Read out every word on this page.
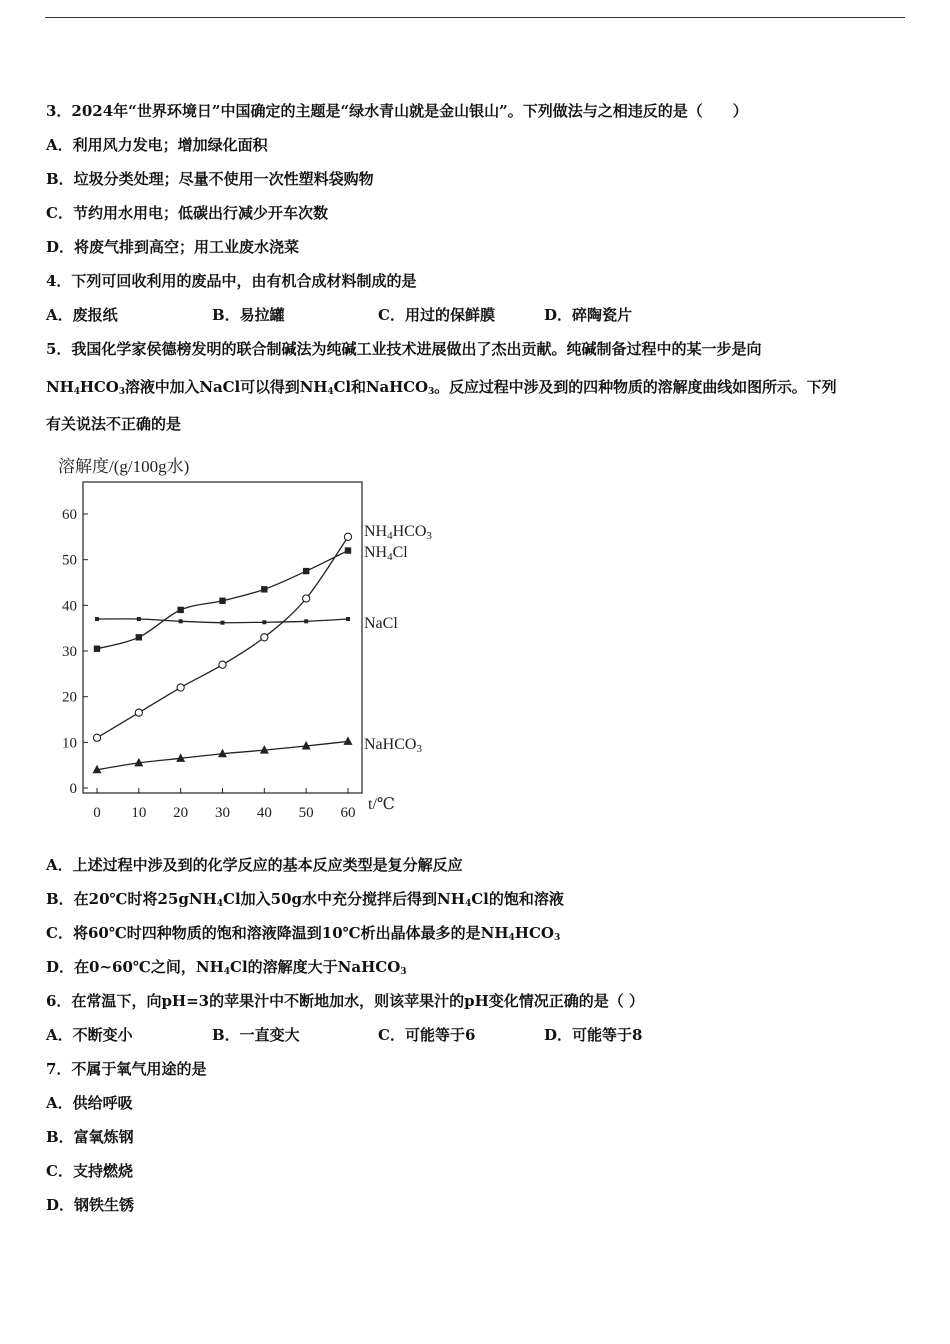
3．2024年“世界环境日”中国确定的主题是“绿水青山就是金山银山”。下列做法与之相违反的是（　　）
A．利用风力发电；增加绿化面积
B．垃圾分类处理；尽量不使用一次性塑料袋购物
C．节约用水用电；低碳出行减少开车次数
D．将废气排到高空；用工业废水浇菜
4．下列可回收利用的废品中，由有机合成材料制成的是
A．废报纸	B．易拉罐	C．用过的保鲜膜	D．碎陶瓷片
5．我国化学家侯德榜发明的联合制碱法为纯碱工业技术进展做出了杰出贡献。纯碱制备过程中的某一步是向
$NH_4HCO_3$溶液中加入NaCl可以得到$NH_4Cl$和NaHCO$_3$。反应过程中涉及到的四种物质的溶解度曲线如图所示。下列
有关说法不正确的是
溶解度/(g/100g水)
t/℃
0
10
20
30
40
50
60
0 10 20 30 40 50 60
NH4HCO3
NH4Cl
NaCl
NaHCO3
A．上述过程中涉及到的化学反应的基本反应类型是复分解反应
B．在20℃时将25gNH$_4$Cl加入50g水中充分搅拌后得到$NH_4Cl$的饱和溶液
C．将60℃时四种物质的饱和溶液降温到10℃析出晶体最多的是$NH_4HCO_3$
D．在0~60℃之间，$NH_4Cl$的溶解度大于NaHCO$_3$
6．在常温下，向pH=3的苹果汁中不断地加水，则该苹果汁的pH变化情况正确的是（ ）
A．不断变小	B．一直变大	C．可能等于6	D．可能等于8
7．不属于氧气用途的是
A．供给呼吸
B．富氧炼钢
C．支持燃烧
D．钢铁生锈
